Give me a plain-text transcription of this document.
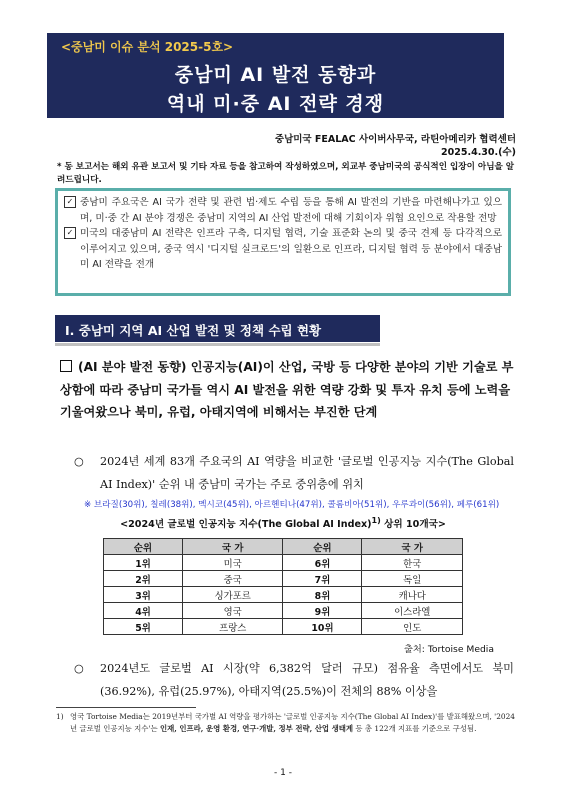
<중남미 이슈 분석 2025-5호>
중남미 AI 발전 동향과
역내 미·중 AI 전략 경쟁
중남미국 FEALAC 사이버사무국, 라틴아메리카 협력센터
2025.4.30.(수)
* 동 보고서는 해외 유관 보고서 및 기타 자료 등을 참고하여 작성하였으며, 외교부 중남미국의 공식적인 입장이 아님을 알려드립니다.
✓ 중남미 주요국은 AI 국가 전략 및 관련 법·제도 수립 등을 통해 AI 발전의 기반을 마련해나가고 있으며, 미·중 간 AI 분야 경쟁은 중남미 지역의 AI 산업 발전에 대해 기회이자 위협 요인으로 작용할 전망
✓ 미국의 대중남미 AI 전략은 인프라 구축, 디지털 협력, 기술 표준화 논의 및 중국 견제 등 다각적으로 이루어지고 있으며, 중국 역시 '디지털 실크로드'의 일환으로 인프라, 디지털 협력 등 분야에서 대중남미 AI 전략을 전개
Ⅰ. 중남미 지역 AI 산업 발전 및 정책 수립 현황
(AI 분야 발전 동향) 인공지능(AI)이 산업, 국방 등 다양한 분야의 기반 기술로 부상함에 따라 중남미 국가들 역시 AI 발전을 위한 역량 강화 및 투자 유치 등에 노력을 기울여왔으나 북미, 유럽, 아태지역에 비해서는 부진한 단계
○	2024년 세계 83개 주요국의 AI 역량을 비교한 '글로벌 인공지능 지수(The Global AI Index)' 순위 내 중남미 국가는 주로 중위층에 위치
※ 브라질(30위), 칠레(38위), 멕시코(45위), 아르헨티나(47위), 콜롬비아(51위), 우루과이(56위), 페루(61위)
<2024년 글로벌 인공지능 지수(The Global AI Index)$^{1)}$ 상위 10개국>
순위	국 가	순위	국 가
1위	미국	6위	한국
2위	중국	7위	독일
3위	싱가포르	8위	캐나다
4위	영국	9위	이스라엘
5위	프랑스	10위	인도
출처: Tortoise Media
○	2024년도 글로벌 AI 시장(약 6,382억 달러 규모) 점유율 측면에서도 북미(36.92%), 유럽(25.97%), 아태지역(25.5%)이 전체의 88% 이상을
1) 영국 Tortoise Media는 2019년부터 국가별 AI 역량을 평가하는 '글로벌 인공지능 지수(The Global AI Index)'를 발표해왔으며, '2024년 글로벌 인공지능 지수'는 인재, 인프라, 운영 환경, 연구·개발, 정부 전략, 산업 생태계 등 총 122개 지표를 기준으로 구성됨.
- 1 -
